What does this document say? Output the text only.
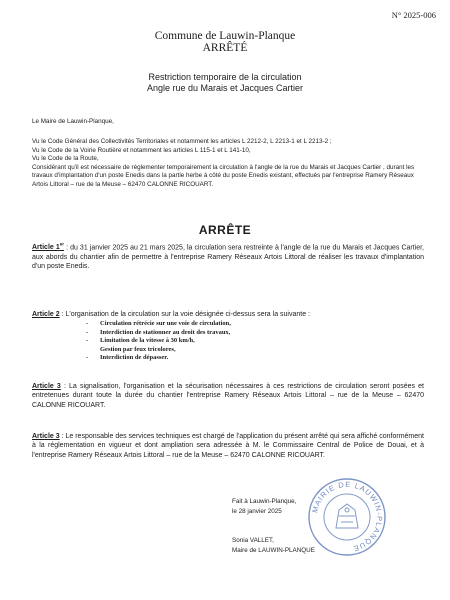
N° 2025-006
Commune de Lauwin-Planque
ARRÊTÉ
Restriction temporaire de la circulation
Angle rue du Marais et Jacques Cartier
Le Maire de Lauwin-Planque,

Vu le Code Général des Collectivités Territoriales et notamment les articles L 2212-2, L 2213-1 et L 2213-2 ;

Vu le Code de la Voirie Routière et notamment les articles L 115-1 et L 141-10,

Vu le Code de la Route,

Considérant qu'il est nécessaire de réglementer temporairement la circulation à l'angle de la rue du Marais et Jacques Cartier , durant les travaux d'implantation d'un poste Enedis dans la partie herbe à côté du poste Enedis existant, effectués par l'entreprise Ramery Réseaux Artois Littoral – rue de la Meuse – 62470 CALONNE RICOUART.

ARRÊTE

Article 1er : du 31 janvier 2025 au 21 mars 2025, la circulation sera restreinte à l'angle de la rue du Marais et Jacques Cartier, aux abords du chantier afin de permettre à l'entreprise Ramery Réseaux Artois Littoral de réaliser les travaux d'implantation d'un poste Enedis.

Article 2 : L'organisation de la circulation sur la voie désignée ci-dessus sera la suivante :

- Circulation rétrécie sur une voie de circulation,
- Interdiction de stationner au droit des travaux,
- Limitation de la vitesse à 30 km/h,
Gestion par feux tricolores,
- Interdiction de dépasser.

Article 3 : La signalisation, l'organisation et la sécurisation nécessaires à ces restrictions de circulation seront posées et entretenues durant toute la durée du chantier l'entreprise Ramery Réseaux Artois Littoral – rue de la Meuse – 62470 CALONNE RICOUART.

Article 3 : Le responsable des services techniques est chargé de l'application du présent arrêté qui sera affiché conformément à la réglementation en vigueur et dont ampliation sera adressée à M. le Commissaire Central de Police de Douai, et à l'entreprise Ramery Réseaux Artois Littoral – rue de la Meuse – 62470 CALONNE RICOUART.

Fait à Lauwin-Planque,
le 28 janvier 2025
Sonia VALLET,
Maire de LAUWIN-PLANQUE
MAIRIE DE LAUWIN-PLANQUE
